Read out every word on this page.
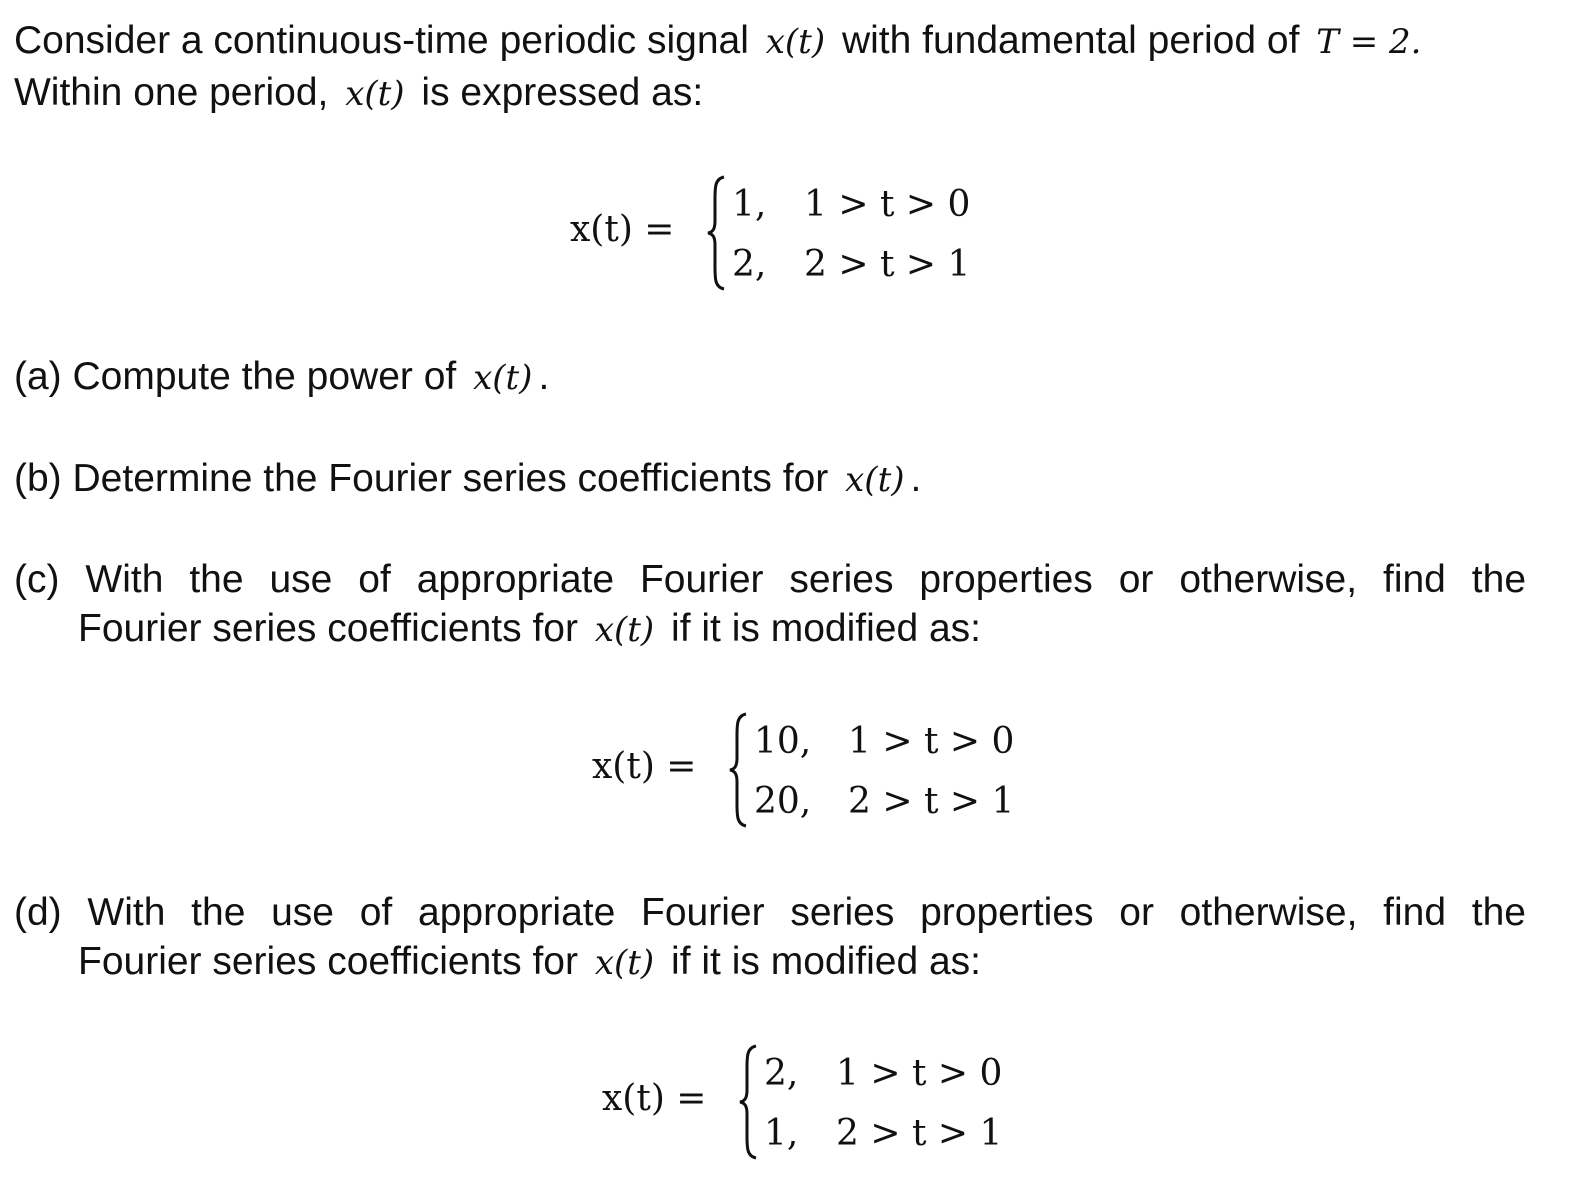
Consider a continuous-time periodic signal x(t) with fundamental period of T = 2.
Within one period, x(t) is expressed as:
x(t) =
1,	1 > t > 0
2,	2 > t > 1
(a) Compute the power of x(t) .
(b) Determine the Fourier series coefficients for x(t) .
(c) With the use of appropriate Fourier series properties or otherwise, find the
Fourier series coefficients for x(t) if it is modified as:
x(t) =
10,	1 > t > 0
20,	2 > t > 1
(d) With the use of appropriate Fourier series properties or otherwise, find the
Fourier series coefficients for x(t) if it is modified as:
x(t) =
2,	1 > t > 0
1,	2 > t > 1
